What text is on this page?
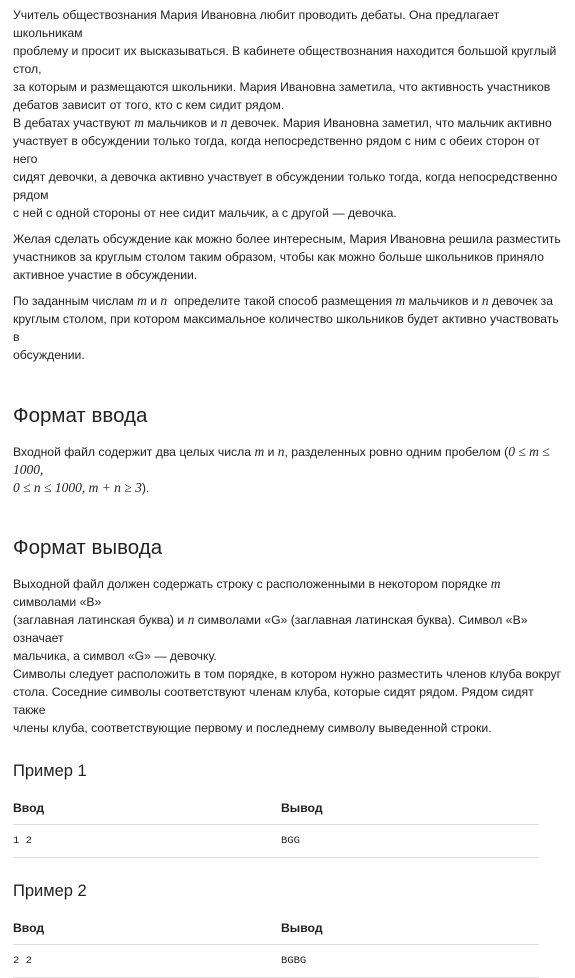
Учитель обществознания Мария Ивановна любит проводить дебаты. Она предлагает школьникам
проблему и просит их высказываться. В кабинете обществознания находится большой круглый стол,
за которым и размещаются школьники. Мария Ивановна заметила, что активность участников
дебатов зависит от того, кто с кем сидит рядом.
В дебатах участвуют m мальчиков и n девочек. Мария Ивановна заметил, что мальчик активно
участвует в обсуждении только тогда, когда непосредственно рядом с ним с обеих сторон от него
сидят девочки, а девочка активно участвует в обсуждении только тогда, когда непосредственно рядом
с ней с одной стороны от нее сидит мальчик, а с другой — девочка.

Желая сделать обсуждение как можно более интересным, Мария Ивановна решила разместить
участников за круглым столом таким образом, чтобы как можно больше школьников приняло
активное участие в обсуждении.

По заданным числам m и n  определите такой способ размещения m мальчиков и n девочек за
круглым столом, при котором максимальное количество школьников будет активно участвовать в
обсуждении.

Формат ввода

Входной файл содержит два целых числа m и n, разделенных ровно одним пробелом (0 ≤ m ≤ 1000,
0 ≤ n ≤ 1000, m + n ≥ 3).

Формат вывода

Выходной файл должен содержать строку с расположенными в некотором порядке m символами «B»
(заглавная латинская буква) и n символами «G» (заглавная латинская буква). Символ «B» означает
мальчика, а символ «G» — девочку.
Символы следует расположить в том порядке, в котором нужно разместить членов клуба вокруг
стола. Соседние символы соответствуют членам клуба, которые сидят рядом. Рядом сидят также
члены клуба, соответствующие первому и последнему символу выведенной строки.

Пример 1
Ввод	Вывод
1 2	BGG
Пример 2
Ввод	Вывод
2 2	BGBG
